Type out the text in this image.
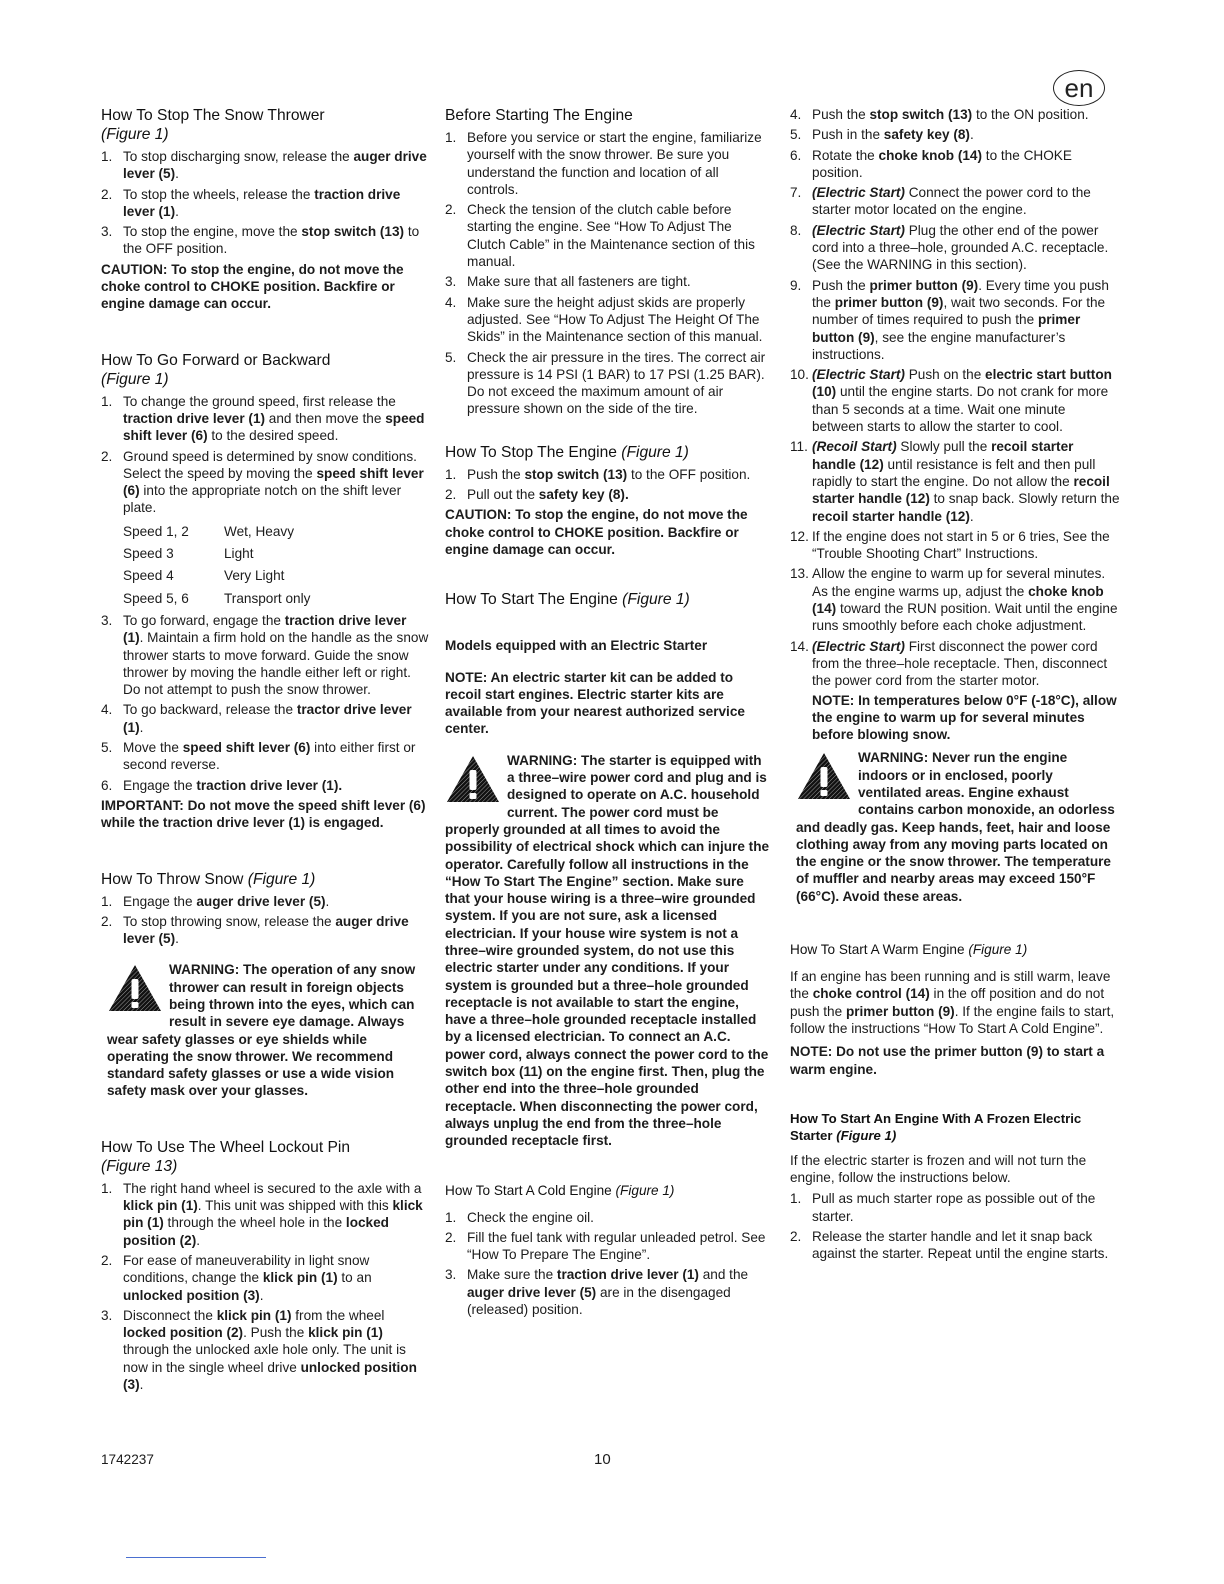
en
How To Stop The Snow Thrower
(Figure 1)
1. To stop discharging snow, release the auger drive lever (5).
2. To stop the wheels, release the traction drive lever (1).
3. To stop the engine, move the stop switch (13) to the OFF position.

CAUTION: To stop the engine, do not move the choke control to CHOKE position. Backfire or engine damage can occur.

How To Go Forward or Backward
(Figure 1)
1. To change the ground speed, first release the traction drive lever (1) and then move the speed shift lever (6) to the desired speed.
2. Ground speed is determined by snow conditions. Select the speed by moving the speed shift lever (6) into the appropriate notch on the shift lever plate.
Speed 1, 2	Wet, Heavy
Speed 3	Light
Speed 4	Very Light
Speed 5, 6	Transport only
3. To go forward, engage the traction drive lever (1). Maintain a firm hold on the handle as the snow thrower starts to move forward. Guide the snow thrower by moving the handle either left or right. Do not attempt to push the snow thrower.
4. To go backward, release the tractor drive lever (1).
5. Move the speed shift lever (6) into either first or second reverse.
6. Engage the traction drive lever (1).

IMPORTANT: Do not move the speed shift lever (6) while the traction drive lever (1) is engaged.

How To Throw Snow (Figure 1)
1. Engage the auger drive lever (5).
2. To stop throwing snow, release the auger drive lever (5).
WARNING: The operation of any snow thrower can result in foreign objects being thrown into the eyes, which can result in severe eye damage. Always wear safety glasses or eye shields while operating the snow thrower. We recommend standard safety glasses or use a wide vision safety mask over your glasses.
How To Use The Wheel Lockout Pin
(Figure 13)
1. The right hand wheel is secured to the axle with a klick pin (1). This unit was shipped with this klick pin (1) through the wheel hole in the locked position (2).
2. For ease of maneuverability in light snow conditions, change the klick pin (1) to an unlocked position (3).
3. Disconnect the klick pin (1) from the wheel locked position (2). Push the klick pin (1) through the unlocked axle hole only. The unit is now in the single wheel drive unlocked position (3).
Before Starting The Engine
1. Before you service or start the engine, familiarize yourself with the snow thrower. Be sure you understand the function and location of all controls.
2. Check the tension of the clutch cable before starting the engine. See “How To Adjust The Clutch Cable” in the Maintenance section of this manual.
3. Make sure that all fasteners are tight.
4. Make sure the height adjust skids are properly adjusted. See “How To Adjust The Height Of The Skids” in the Maintenance section of this manual.
5. Check the air pressure in the tires. The correct air pressure is 14 PSI (1 BAR) to 17 PSI (1.25 BAR). Do not exceed the maximum amount of air pressure shown on the side of the tire.
How To Stop The Engine (Figure 1)
1. Push the stop switch (13) to the OFF position.
2. Pull out the safety key (8).

CAUTION: To stop the engine, do not move the choke control to CHOKE position. Backfire or engine damage can occur.

How To Start The Engine (Figure 1)

Models equipped with an Electric Starter

NOTE: An electric starter kit can be added to recoil start engines. Electric starter kits are available from your nearest authorized service center.

WARNING: The starter is equipped with a three–wire power cord and plug and is designed to operate on A.C. household current. The power cord must be properly grounded at all times to avoid the possibility of electrical shock which can injure the operator. Carefully follow all instructions in the “How To Start The Engine” section. Make sure that your house wiring is a three–wire grounded system. If you are not sure, ask a licensed electrician. If your house wire system is not a three–wire grounded system, do not use this electric starter under any conditions. If your system is grounded but a three–hole grounded receptacle is not available to start the engine, have a three–hole grounded receptacle installed by a licensed electrician. To connect an A.C. power cord, always connect the power cord to the switch box (11) on the engine first. Then, plug the other end into the three–hole grounded receptacle. When disconnecting the power cord, always unplug the end from the three–hole grounded receptacle first.
How To Start A Cold Engine (Figure 1)
1. Check the engine oil.
2. Fill the fuel tank with regular unleaded petrol. See “How To Prepare The Engine”.
3. Make sure the traction drive lever (1) and the auger drive lever (5) are in the disengaged (released) position.
4. Push the stop switch (13) to the ON position.
5. Push in the safety key (8).
6. Rotate the choke knob (14) to the CHOKE position.
7. (Electric Start) Connect the power cord to the starter motor located on the engine.
8. (Electric Start) Plug the other end of the power cord into a three–hole, grounded A.C. receptacle. (See the WARNING in this section).
9. Push the primer button (9). Every time you push the primer button (9), wait two seconds. For the number of times required to push the primer button (9), see the engine manufacturer’s instructions.
10. (Electric Start) Push on the electric start button (10) until the engine starts. Do not crank for more than 5 seconds at a time. Wait one minute between starts to allow the starter to cool.
11. (Recoil Start) Slowly pull the recoil starter handle (12) until resistance is felt and then pull rapidly to start the engine. Do not allow the recoil starter handle (12) to snap back. Slowly return the recoil starter handle (12).
12. If the engine does not start in 5 or 6 tries, See the “Trouble Shooting Chart” Instructions.
13. Allow the engine to warm up for several minutes. As the engine warms up, adjust the choke knob (14) toward the RUN position. Wait until the engine runs smoothly before each choke adjustment.
14. (Electric Start) First disconnect the power cord from the three–hole receptacle. Then, disconnect the power cord from the starter motor.
NOTE: In temperatures below 0°F (-18°C), allow the engine to warm up for several minutes before blowing snow.
WARNING: Never run the engine indoors or in enclosed, poorly ventilated areas. Engine exhaust contains carbon monoxide, an odorless and deadly gas. Keep hands, feet, hair and loose clothing away from any moving parts located on the engine or the snow thrower. The temperature of muffler and nearby areas may exceed 150°F (66°C). Avoid these areas.
How To Start A Warm Engine (Figure 1)

If an engine has been running and is still warm, leave the choke control (14) in the off position and do not push the primer button (9). If the engine fails to start, follow the instructions “How To Start A Cold Engine”.

NOTE: Do not use the primer button (9) to start a warm engine.

How To Start An Engine With A Frozen Electric Starter (Figure 1)

If the electric starter is frozen and will not turn the engine, follow the instructions below.

1. Pull as much starter rope as possible out of the starter.
2. Release the starter handle and let it snap back against the starter. Repeat until the engine starts.
1742237	10
